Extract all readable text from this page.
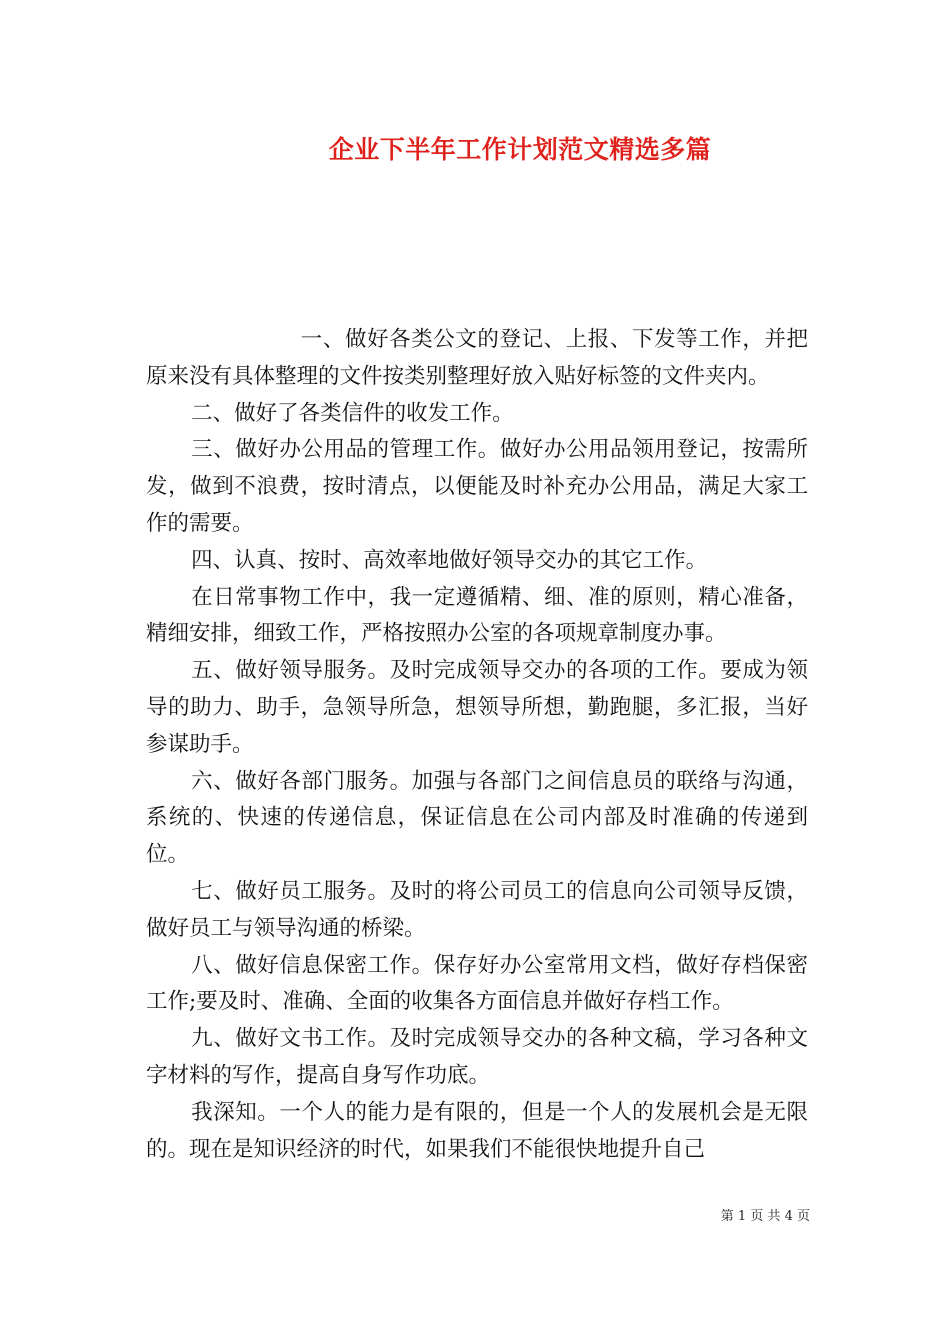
企业下半年工作计划范文精选多篇

一、做好各类公文的登记、上报、下发等工作，并把原来没有具体整理的文件按类别整理好放入贴好标签的文件夹内。

二、做好了各类信件的收发工作。

三、做好办公用品的管理工作。做好办公用品领用登记，按需所发，做到不浪费，按时清点，以便能及时补充办公用品，满足大家工作的需要。

四、认真、按时、高效率地做好领导交办的其它工作。

在日常事物工作中，我一定遵循精、细、准的原则，精心准备，精细安排，细致工作，严格按照办公室的各项规章制度办事。

五、做好领导服务。及时完成领导交办的各项的工作。要成为领导的助力、助手，急领导所急，想领导所想，勤跑腿，多汇报，当好参谋助手。

六、做好各部门服务。加强与各部门之间信息员的联络与沟通，系统的、快速的传递信息，保证信息在公司内部及时准确的传递到位。

七、做好员工服务。及时的将公司员工的信息向公司领导反馈，做好员工与领导沟通的桥梁。

八、做好信息保密工作。保存好办公室常用文档，做好存档保密工作;要及时、准确、全面的收集各方面信息并做好存档工作。

九、做好文书工作。及时完成领导交办的各种文稿，学习各种文字材料的写作，提高自身写作功底。

我深知。一个人的能力是有限的，但是一个人的发展机会是无限的。现在是知识经济的时代，如果我们不能很快地提升自己

第 1 页 共 4 页
